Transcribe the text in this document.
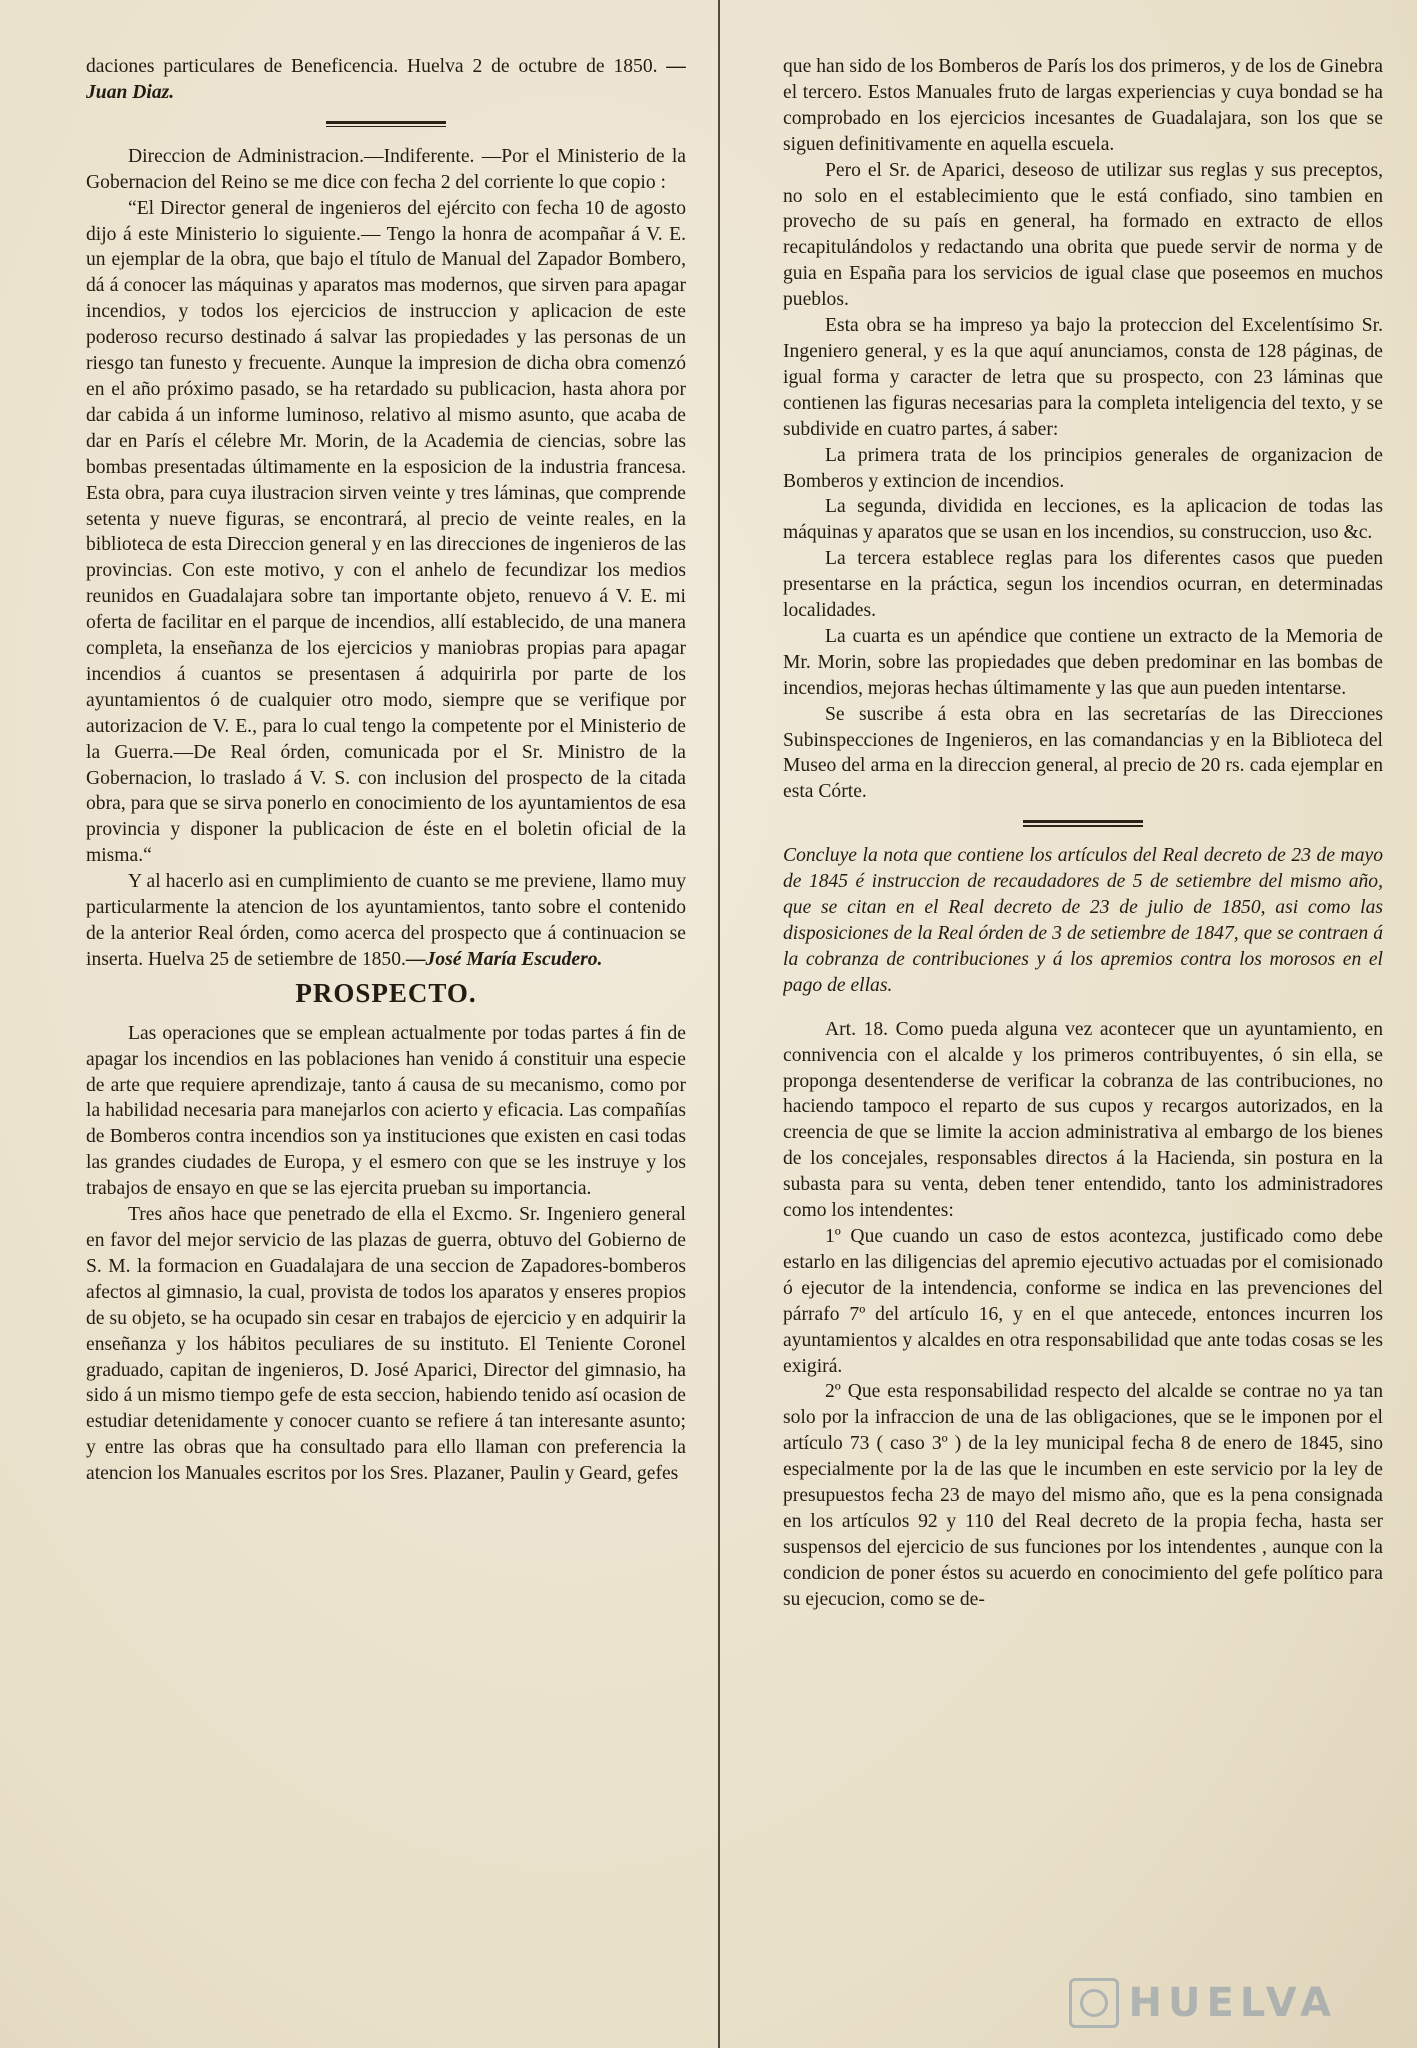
daciones particulares de Beneficencia. Huelva 2 de octubre de 1850. —Juan Diaz.

Direccion de Administracion.—Indiferente. —Por el Ministerio de la Gobernacion del Reino se me dice con fecha 2 del corriente lo que copio :

“El Director general de ingenieros del ejército con fecha 10 de agosto dijo á este Ministerio lo siguiente.— Tengo la honra de acompañar á V. E. un ejemplar de la obra, que bajo el título de Manual del Zapador Bombero, dá á conocer las máquinas y aparatos mas modernos, que sirven para apagar incendios, y todos los ejercicios de instruccion y aplicacion de este poderoso recurso destinado á salvar las propiedades y las personas de un riesgo tan funesto y frecuente. Aunque la impresion de dicha obra comenzó en el año próximo pasado, se ha retardado su publicacion, hasta ahora por dar cabida á un informe luminoso, relativo al mismo asunto, que acaba de dar en París el célebre Mr. Morin, de la Academia de ciencias, sobre las bombas presentadas últimamente en la esposicion de la industria francesa. Esta obra, para cuya ilustracion sirven veinte y tres láminas, que comprende setenta y nueve figuras, se encontrará, al precio de veinte reales, en la biblioteca de esta Direccion general y en las direcciones de ingenieros de las provincias. Con este motivo, y con el anhelo de fecundizar los medios reunidos en Guadalajara sobre tan importante objeto, renuevo á V. E. mi oferta de facilitar en el parque de incendios, allí establecido, de una manera completa, la enseñanza de los ejercicios y maniobras propias para apagar incendios á cuantos se presentasen á adquirirla por parte de los ayuntamientos ó de cualquier otro modo, siempre que se verifique por autorizacion de V. E., para lo cual tengo la competente por el Ministerio de la Guerra.—De Real órden, comunicada por el Sr. Ministro de la Gobernacion, lo traslado á V. S. con inclusion del prospecto de la citada obra, para que se sirva ponerlo en conocimiento de los ayuntamientos de esa provincia y disponer la publicacion de éste en el boletin oficial de la misma.“

Y al hacerlo asi en cumplimiento de cuanto se me previene, llamo muy particularmente la atencion de los ayuntamientos, tanto sobre el contenido de la anterior Real órden, como acerca del prospecto que á continuacion se inserta. Huelva 25 de setiembre de 1850.—José María Escudero.

PROSPECTO.

Las operaciones que se emplean actualmente por todas partes á fin de apagar los incendios en las poblaciones han venido á constituir una especie de arte que requiere aprendizaje, tanto á causa de su mecanismo, como por la habilidad necesaria para manejarlos con acierto y eficacia. Las compañías de Bomberos contra incendios son ya instituciones que existen en casi todas las grandes ciudades de Europa, y el esmero con que se les instruye y los trabajos de ensayo en que se las ejercita prueban su importancia.

Tres años hace que penetrado de ella el Excmo. Sr. Ingeniero general en favor del mejor servicio de las plazas de guerra, obtuvo del Gobierno de S. M. la formacion en Guadalajara de una seccion de Zapadores-bomberos afectos al gimnasio, la cual, provista de todos los aparatos y enseres propios de su objeto, se ha ocupado sin cesar en trabajos de ejercicio y en adquirir la enseñanza y los hábitos peculiares de su instituto. El Teniente Coronel graduado, capitan de ingenieros, D. José Aparici, Director del gimnasio, ha sido á un mismo tiempo gefe de esta seccion, habiendo tenido así ocasion de estudiar detenidamente y conocer cuanto se refiere á tan interesante asunto; y entre las obras que ha consultado para ello llaman con preferencia la atencion los Manuales escritos por los Sres. Plazaner, Paulin y Geard, gefes

que han sido de los Bomberos de París los dos primeros, y de los de Ginebra el tercero. Estos Manuales fruto de largas experiencias y cuya bondad se ha comprobado en los ejercicios incesantes de Guadalajara, son los que se siguen definitivamente en aquella escuela.

Pero el Sr. de Aparici, deseoso de utilizar sus reglas y sus preceptos, no solo en el establecimiento que le está confiado, sino tambien en provecho de su país en general, ha formado en extracto de ellos recapitulándolos y redactando una obrita que puede servir de norma y de guia en España para los servicios de igual clase que poseemos en muchos pueblos.

Esta obra se ha impreso ya bajo la proteccion del Excelentísimo Sr. Ingeniero general, y es la que aquí anunciamos, consta de 128 páginas, de igual forma y caracter de letra que su prospecto, con 23 láminas que contienen las figuras necesarias para la completa inteligencia del texto, y se subdivide en cuatro partes, á saber:

La primera trata de los principios generales de organizacion de Bomberos y extincion de incendios.

La segunda, dividida en lecciones, es la aplicacion de todas las máquinas y aparatos que se usan en los incendios, su construccion, uso &c.

La tercera establece reglas para los diferentes casos que pueden presentarse en la práctica, segun los incendios ocurran, en determinadas localidades.

La cuarta es un apéndice que contiene un extracto de la Memoria de Mr. Morin, sobre las propiedades que deben predominar en las bombas de incendios, mejoras hechas últimamente y las que aun pueden intentarse.

Se suscribe á esta obra en las secretarías de las Direcciones Subinspecciones de Ingenieros, en las comandancias y en la Biblioteca del Museo del arma en la direccion general, al precio de 20 rs. cada ejemplar en esta Córte.

Concluye la nota que contiene los artículos del Real decreto de 23 de mayo de 1845 é instruccion de recaudadores de 5 de setiembre del mismo año, que se citan en el Real decreto de 23 de julio de 1850, asi como las disposiciones de la Real órden de 3 de setiembre de 1847, que se contraen á la cobranza de contribuciones y á los apremios contra los morosos en el pago de ellas.

Art. 18. Como pueda alguna vez acontecer que un ayuntamiento, en connivencia con el alcalde y los primeros contribuyentes, ó sin ella, se proponga desentenderse de verificar la cobranza de las contribuciones, no haciendo tampoco el reparto de sus cupos y recargos autorizados, en la creencia de que se limite la accion administrativa al embargo de los bienes de los concejales, responsables directos á la Hacienda, sin postura en la subasta para su venta, deben tener entendido, tanto los administradores como los intendentes:

1º Que cuando un caso de estos acontezca, justificado como debe estarlo en las diligencias del apremio ejecutivo actuadas por el comisionado ó ejecutor de la intendencia, conforme se indica en las prevenciones del párrafo 7º del artículo 16, y en el que antecede, entonces incurren los ayuntamientos y alcaldes en otra responsabilidad que ante todas cosas se les exigirá.

2º Que esta responsabilidad respecto del alcalde se contrae no ya tan solo por la infraccion de una de las obligaciones, que se le imponen por el artículo 73 ( caso 3º ) de la ley municipal fecha 8 de enero de 1845, sino especialmente por la de las que le incumben en este servicio por la ley de presupuestos fecha 23 de mayo del mismo año, que es la pena consignada en los artículos 92 y 110 del Real decreto de la propia fecha, hasta ser suspensos del ejercicio de sus funciones por los intendentes , aunque con la condicion de poner éstos su acuerdo en conocimiento del gefe político para su ejecucion, como se de-

HUELVA
